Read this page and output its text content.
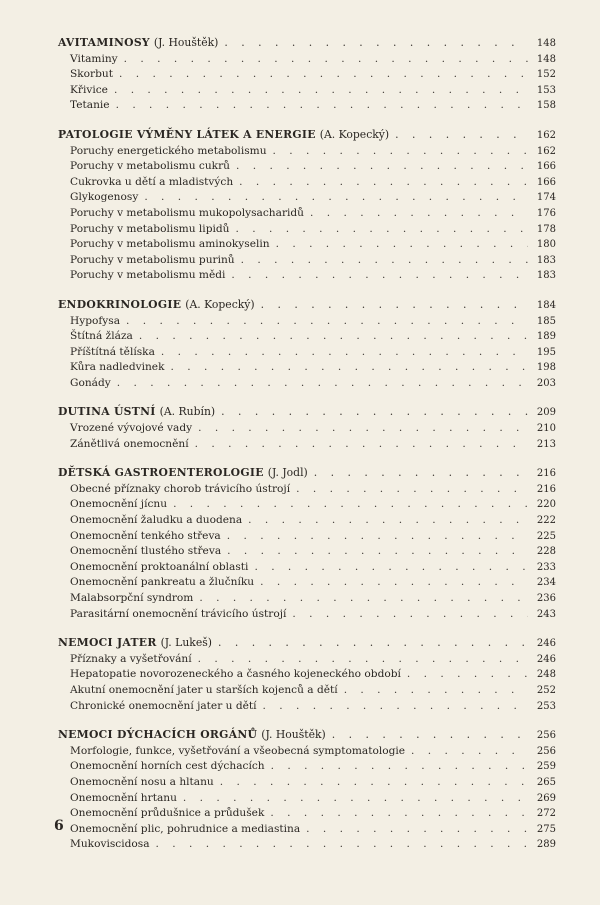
AVITAMINOSY (J. Houštěk) . . .	148
Vitaminy . . .	148
Skorbut . . .	152
Křivice . . .	153
Tetanie . . .	158
PATOLOGIE VÝMĚNY LÁTEK A ENERGIE (A. Kopecký) . . .	162
Poruchy energetického metabolismu . . .	162
Poruchy v metabolismu cukrů . . .	166
Cukrovka u dětí a mladistvých . . .	166
Glykogenosy . . .	174
Poruchy v metabolismu mukopolysacharidů . . .	176
Poruchy v metabolismu lipidů . . .	178
Poruchy v metabolismu aminokyselin . . .	180
Poruchy v metabolismu purinů . . .	183
Poruchy v metabolismu mědi . . .	183
ENDOKRINOLOGIE (A. Kopecký) . . .	184
Hypofysa . . .	185
Štítná žláza . . .	189
Příštítná tělíska . . .	195
Kůra nadledvinek . . .	198
Gonády . . .	203
DUTINA ÚSTNÍ (A. Rubín) . . .	209
Vrozené vývojové vady . . .	210
Zánětlivá onemocnění . . .	213
DĚTSKÁ GASTROENTEROLOGIE (J. Jodl) . . .	216
Obecné příznaky chorob trávicího ústrojí . . .	216
Onemocnění jícnu . . .	220
Onemocnění žaludku a duodena . . .	222
Onemocnění tenkého střeva . . .	225
Onemocnění tlustého střeva . . .	228
Onemocnění proktoanální oblasti . . .	233
Onemocnění pankreatu a žlučníku . . .	234
Malabsorpční syndrom . . .	236
Parasitární onemocnění trávicího ústrojí . . .	243
NEMOCI JATER (J. Lukeš) . . .	246
Příznaky a vyšetřování . . .	246
Hepatopatie novorozeneckého a časného kojeneckého období . . .	248
Akutní onemocnění jater u starších kojenců a dětí . . .	252
Chronické onemocnění jater u dětí . . .	253
NEMOCI DÝCHACÍCH ORGÁNŮ (J. Houštěk) . . .	256
Morfologie, funkce, vyšetřování a všeobecná symptomatologie . . .	256
Onemocnění horních cest dýchacích . . .	259
Onemocnění nosu a hltanu . . .	265
Onemocnění hrtanu . . .	269
Onemocnění průdušnice a průdušek . . .	272
Onemocnění plic, pohrudnice a mediastina . . .	275
Mukoviscidosa . . .	289
6
